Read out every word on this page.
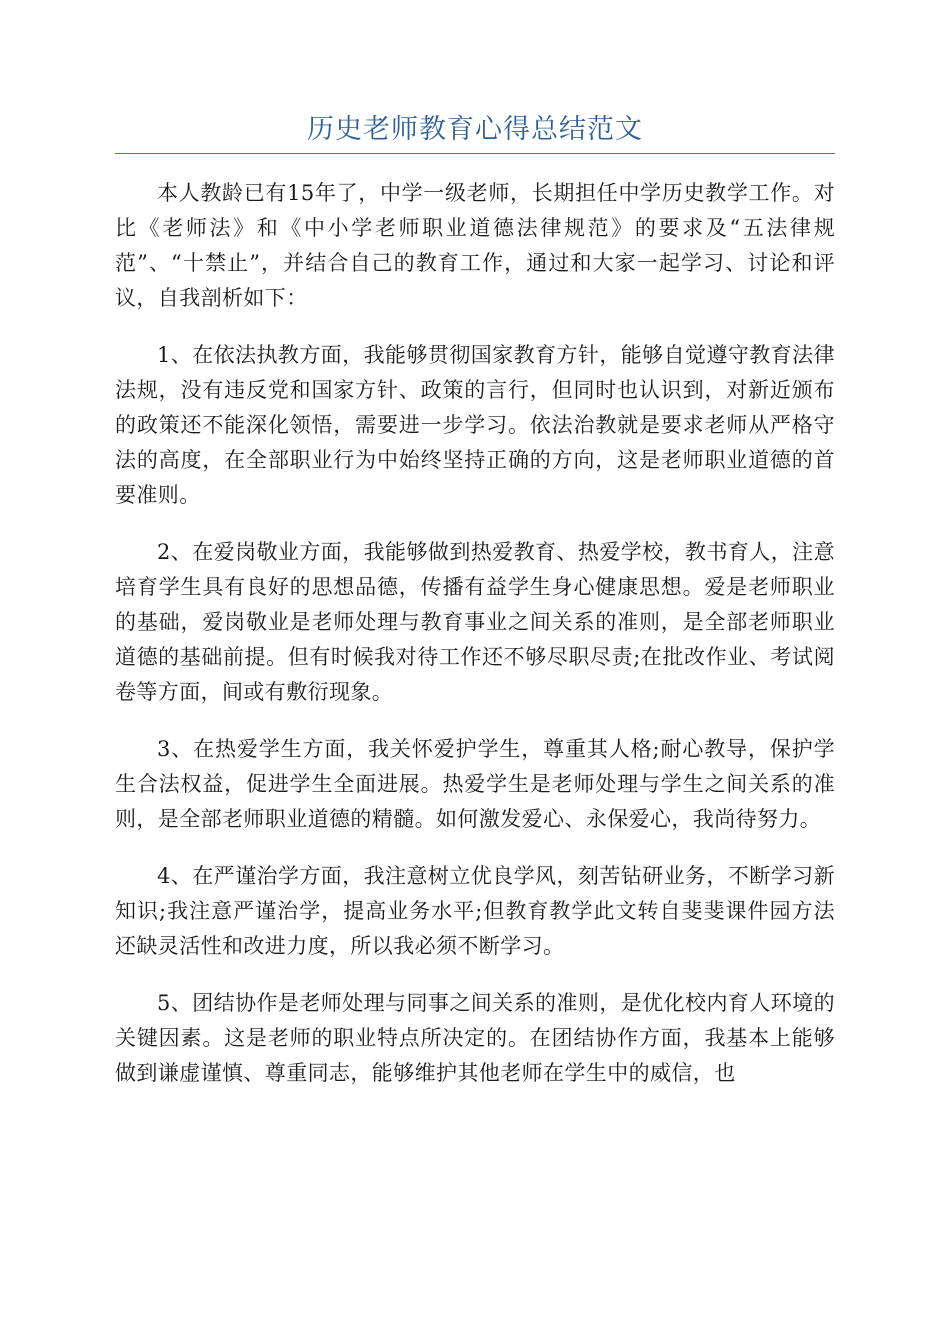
历史老师教育心得总结范文

本人教龄已有15年了，中学一级老师，长期担任中学历史教学工作。对比《老师法》和《中小学老师职业道德法律规范》的要求及“五法律规范”、“十禁止”，并结合自己的教育工作，通过和大家一起学习、讨论和评议，自我剖析如下：

1、在依法执教方面，我能够贯彻国家教育方针，能够自觉遵守教育法律法规，没有违反党和国家方针、政策的言行，但同时也认识到，对新近颁布的政策还不能深化领悟，需要进一步学习。依法治教就是要求老师从严格守法的高度，在全部职业行为中始终坚持正确的方向，这是老师职业道德的首要准则。

2、在爱岗敬业方面，我能够做到热爱教育、热爱学校，教书育人，注意培育学生具有良好的思想品德，传播有益学生身心健康思想。爱是老师职业的基础，爱岗敬业是老师处理与教育事业之间关系的准则，是全部老师职业道德的基础前提。但有时候我对待工作还不够尽职尽责;在批改作业、考试阅卷等方面，间或有敷衍现象。

3、在热爱学生方面，我关怀爱护学生，尊重其人格;耐心教导，保护学生合法权益，促进学生全面进展。热爱学生是老师处理与学生之间关系的准则，是全部老师职业道德的精髓。如何激发爱心、永保爱心，我尚待努力。

4、在严谨治学方面，我注意树立优良学风，刻苦钻研业务，不断学习新知识;我注意严谨治学，提高业务水平;但教育教学此文转自斐斐课件园方法还缺灵活性和改进力度，所以我必须不断学习。

5、团结协作是老师处理与同事之间关系的准则，是优化校内育人环境的关键因素。这是老师的职业特点所决定的。在团结协作方面，我基本上能够做到谦虚谨慎、尊重同志，能够维护其他老师在学生中的威信，也
